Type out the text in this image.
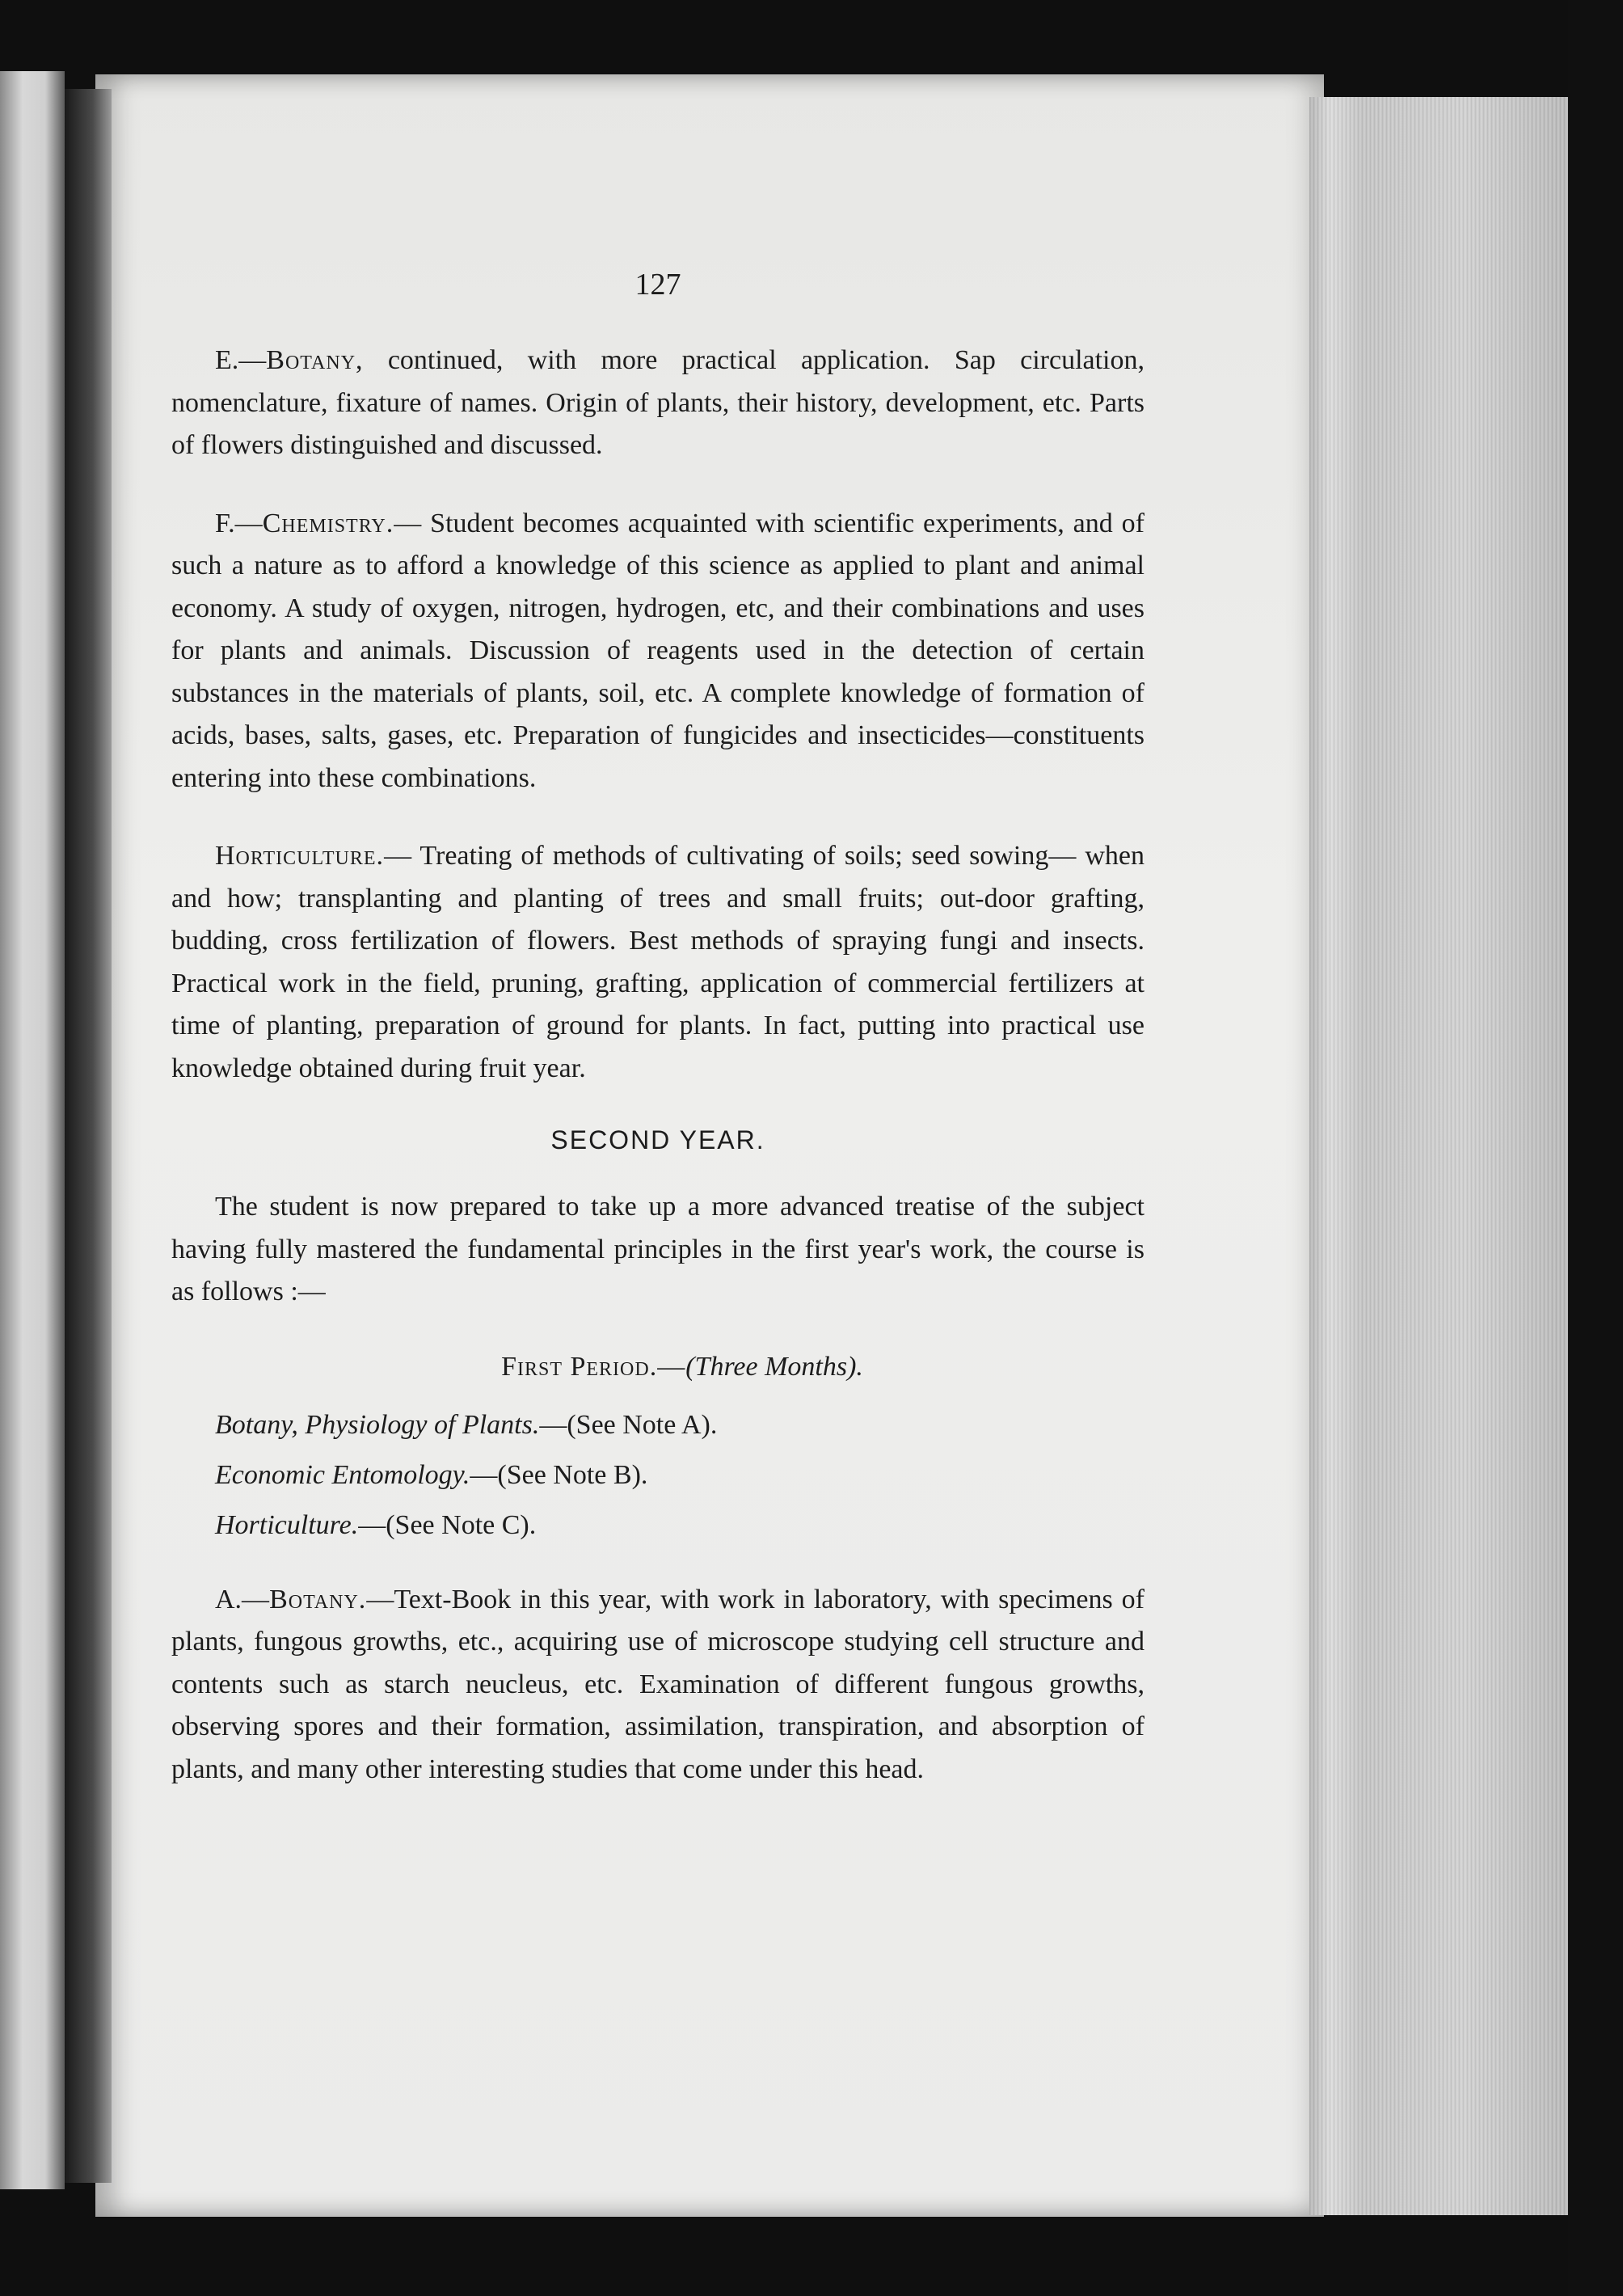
127

E.—Botany, continued, with more practical application. Sap circulation, nomenclature, fixature of names. Origin of plants, their history, development, etc. Parts of flowers distinguished and discussed.

F.—Chemistry.— Student becomes acquainted with scientific experiments, and of such a nature as to afford a knowledge of this science as applied to plant and animal economy. A study of oxygen, nitrogen, hydrogen, etc, and their combinations and uses for plants and animals. Discussion of reagents used in the detection of certain substances in the materials of plants, soil, etc. A complete knowledge of formation of acids, bases, salts, gases, etc. Preparation of fungicides and insecticides—constituents entering into these combinations.

Horticulture.— Treating of methods of cultivating of soils; seed sowing— when and how; transplanting and planting of trees and small fruits; out-door grafting, budding, cross fertilization of flowers. Best methods of spraying fungi and insects. Practical work in the field, pruning, grafting, application of commercial fertilizers at time of planting, preparation of ground for plants. In fact, putting into practical use knowledge obtained during fruit year.

SECOND YEAR.

The student is now prepared to take up a more advanced treatise of the subject having fully mastered the fundamental principles in the first year's work, the course is as follows :—

First Period.—(Three Months).
Botany, Physiology of Plants.—(See Note A).
Economic Entomology.—(See Note B).
Horticulture.—(See Note C).

A.—Botany.—Text-Book in this year, with work in laboratory, with specimens of plants, fungous growths, etc., acquiring use of microscope studying cell structure and contents such as starch neucleus, etc. Examination of different fungous growths, observing spores and their formation, assimilation, transpiration, and absorption of plants, and many other interesting studies that come under this head.
